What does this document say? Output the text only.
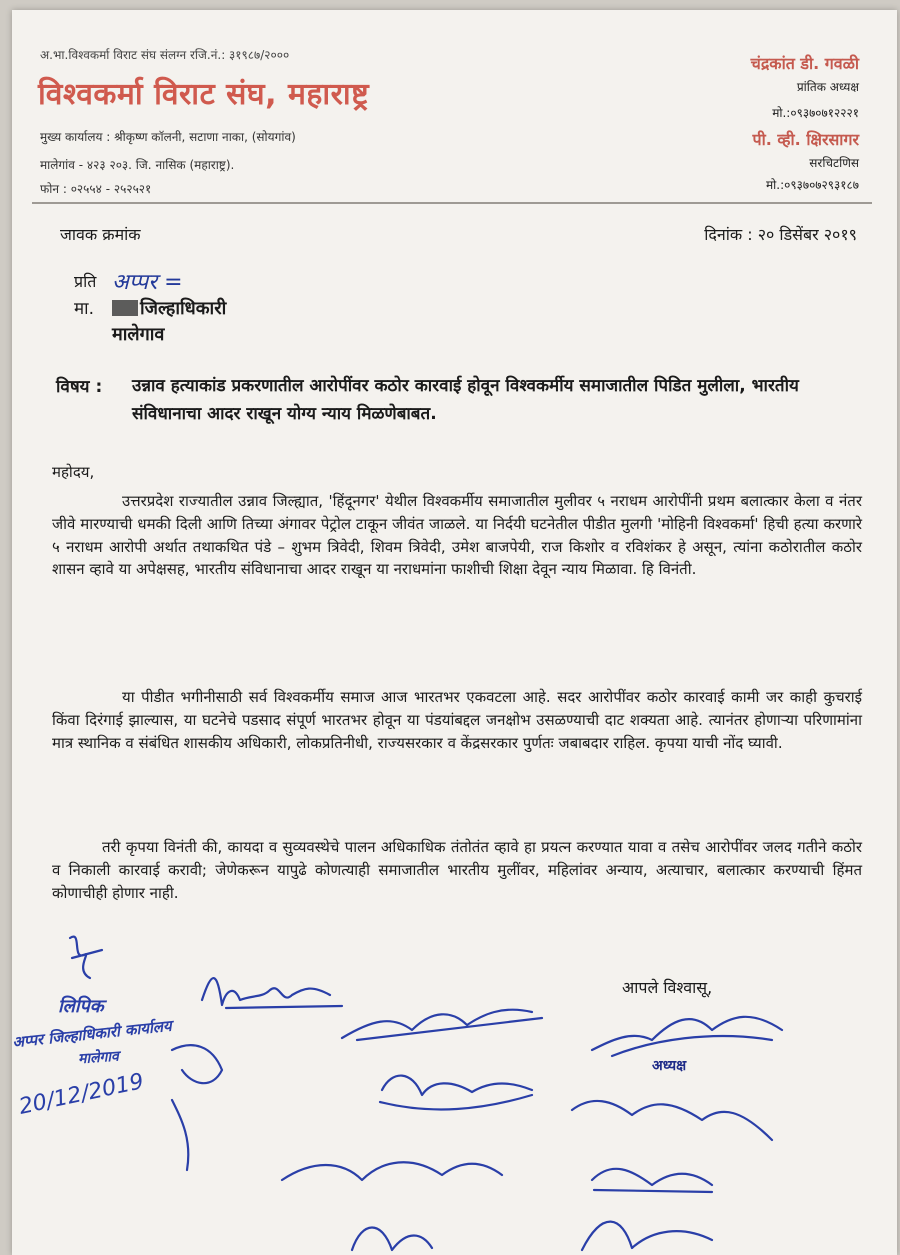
अ.भा.विश्वकर्मा विराट संघ संलग्न रजि.नं.: ३१९८७/२०००
विश्वकर्मा विराट संघ, महाराष्ट्र
मुख्य कार्यालय : श्रीकृष्ण कॉलनी, सटाणा नाका, (सोयगांव)
मालेगांव - ४२३ २०३. जि. नासिक (महाराष्ट्र).
फोन : ०२५५४ - २५२५२१
चंद्रकांत डी. गवळी
प्रांतिक अध्यक्ष
मो.:०९३७०७१२२२१
पी. व्ही. क्षिरसागर
सरचिटणिस
मो.:०९३७०७२९३१८७
जावक क्रमांक	दिनांक : २० डिसेंबर २०१९
प्रति अप्पर =
मा.	जिल्हाधिकारी
मालेगाव
विषय : उन्नाव हत्याकांड प्रकरणातील आरोपींवर कठोर कारवाई होवून विश्वकर्मीय समाजातील पिडित मुलीला, भारतीय संविधानाचा आदर राखून योग्य न्याय मिळणेबाबत.
महोदय,
उत्तरप्रदेश राज्यातील उन्नाव जिल्ह्यात, 'हिंदूनगर' येथील विश्वकर्मीय समाजातील मुलीवर ५ नराधम आरोपींनी प्रथम बलात्कार केला व नंतर जीवे मारण्याची धमकी दिली आणि तिच्या अंगावर पेट्रोल टाकून जीवंत जाळले. या निर्दयी घटनेतील पीडीत मुलगी 'मोहिनी विश्वकर्मा' हिची हत्या करणारे ५ नराधम आरोपी अर्थात तथाकथित पंडे – शुभम त्रिवेदी, शिवम त्रिवेदी, उमेश बाजपेयी, राज किशोर व रविशंकर हे असून, त्यांना कठोरातील कठोर शासन व्हावे या अपेक्षसह, भारतीय संविधानाचा आदर राखून या नराधमांना फाशीची शिक्षा देवून न्याय मिळावा. हि विनंती.
या पीडीत भगीनीसाठी सर्व विश्वकर्मीय समाज आज भारतभर एकवटला आहे. सदर आरोपींवर कठोर कारवाई कामी जर काही कुचराई किंवा दिरंगाई झाल्यास, या घटनेचे पडसाद संपूर्ण भारतभर होवून या पंडयांबद्दल जनक्षोभ उसळण्याची दाट शक्यता आहे. त्यानंतर होणाऱ्या परिणामांना मात्र स्थानिक व संबंधित शासकीय अधिकारी, लोकप्रतिनीधी, राज्यसरकार व केंद्रसरकार पुर्णतः जबाबदार राहिल. कृपया याची नोंद घ्यावी.
तरी कृपया विनंती की, कायदा व सुव्यवस्थेचे पालन अधिकाधिक तंतोतंत व्हावे हा प्रयत्न करण्यात यावा व तसेच आरोपींवर जलद गतीने कठोर व निकाली कारवाई करावी; जेणेकरून यापुढे कोणत्याही समाजातील भारतीय मुलींवर, महिलांवर अन्याय, अत्याचार, बलात्कार करण्याची हिंमत कोणाचीही होणार नाही.
आपले विश्वासू,
लिपिक
अप्पर जिल्हाधिकारी कार्यालय
मालेगाव
20/12/2019
अध्यक्ष
